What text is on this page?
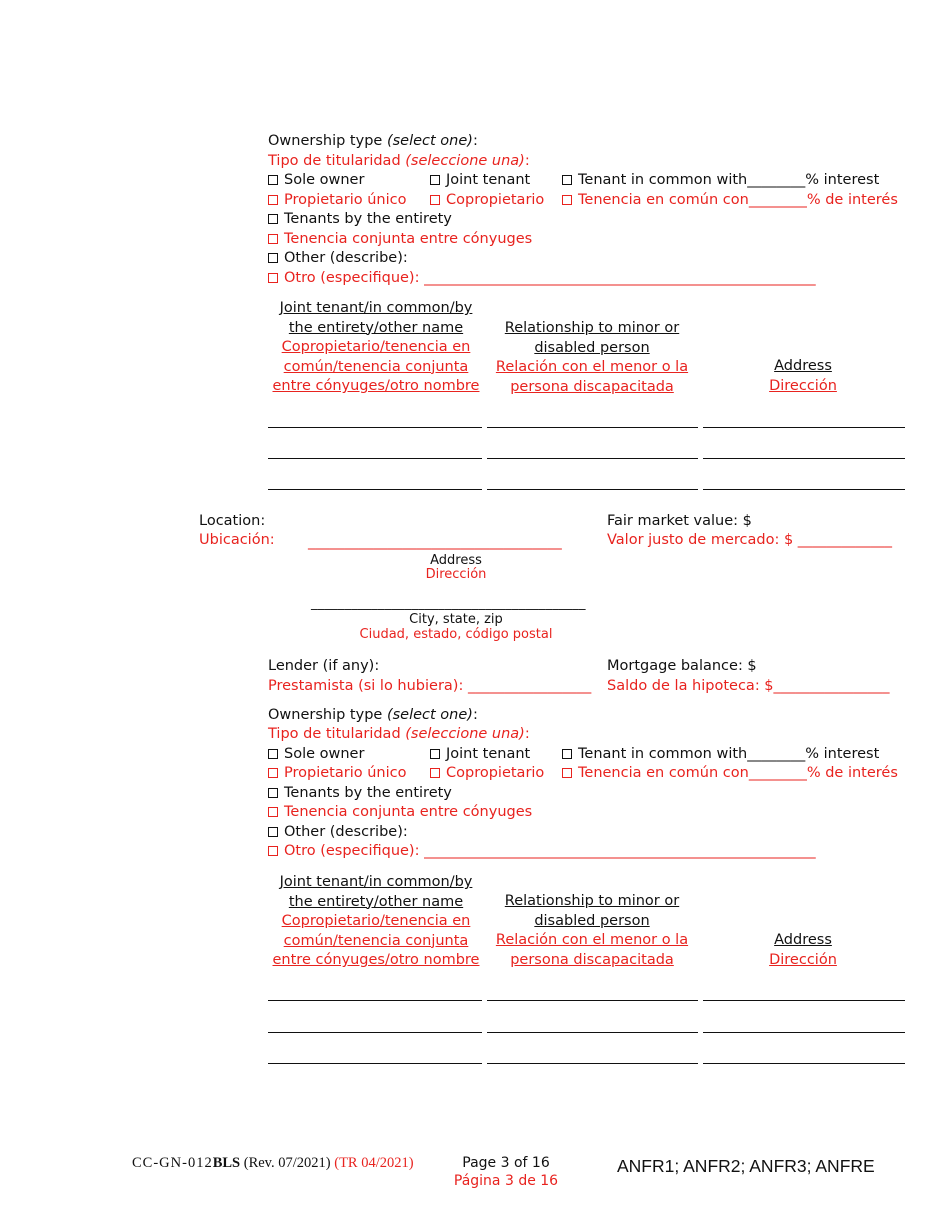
Ownership type (select one):
Tipo de titularidad (seleccione una):
Sole owner	Joint tenant	Tenant in common with________% interest
Propietario único	Copropietario	Tenencia en común con________% de interés
Tenants by the entirety
Tenencia conjunta entre cónyuges
Other (describe):
Otro (especifique): ______________________________________________________
Joint tenant/in common/by
the entirety/other name
Copropietario/tenencia en
común/tenencia conjunta
entre cónyuges/otro nombre
Relationship to minor or
disabled person
Relación con el menor o la
persona discapacitada
Address
Dirección
Location:
Ubicación: ___________________________________
Address
Dirección
_________________________________________
City, state, zip
Ciudad, estado, código postal
Fair market value: $
Valor justo de mercado: $ _____________
Lender (if any):
Prestamista (si lo hubiera): _________________
Mortgage balance: $
Saldo de la hipoteca: $________________
Ownership type (select one):
Tipo de titularidad (seleccione una):
Sole owner	Joint tenant	Tenant in common with________% interest
Propietario único	Copropietario	Tenencia en común con________% de interés
Tenants by the entirety
Tenencia conjunta entre cónyuges
Other (describe):
Otro (especifique): ______________________________________________________
Joint tenant/in common/by
the entirety/other name
Copropietario/tenencia en
común/tenencia conjunta
entre cónyuges/otro nombre
Relationship to minor or
disabled person
Relación con el menor o la
persona discapacitada
Address
Dirección
CC-GN-012BLS (Rev. 07/2021) (TR 04/2021)	Page 3 of 16
Página 3 de 16
ANFR1; ANFR2; ANFR3; ANFRE
